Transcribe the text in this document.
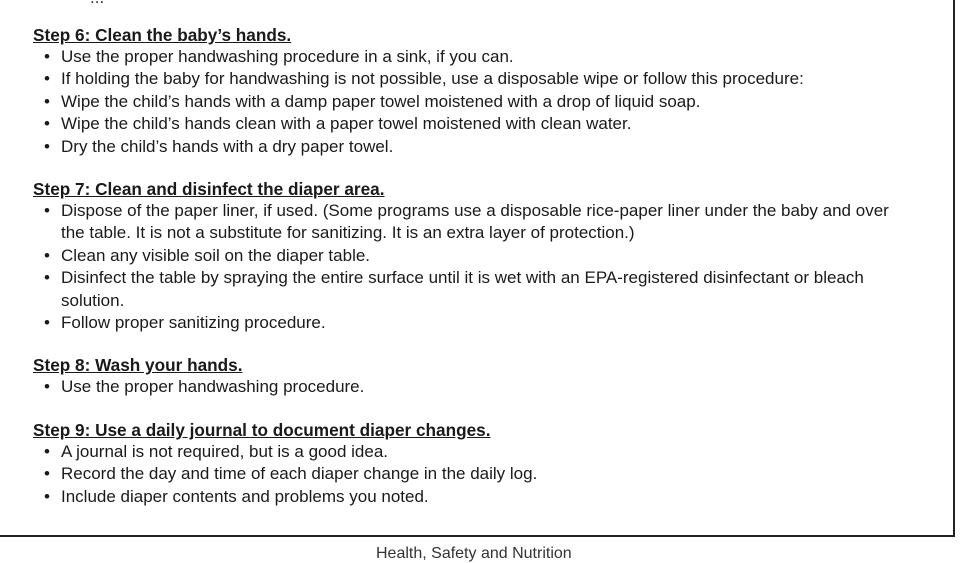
Step 6: Clean the baby’s hands.

• Use the proper handwashing procedure in a sink, if you can.
• If holding the baby for handwashing is not possible, use a disposable wipe or follow this procedure:
• Wipe the child’s hands with a damp paper towel moistened with a drop of liquid soap.
• Wipe the child’s hands clean with a paper towel moistened with clean water.
• Dry the child’s hands with a dry paper towel.

Step 7: Clean and disinfect the diaper area.

• Dispose of the paper liner, if used. (Some programs use a disposable rice-paper liner under the baby and over the table. It is not a substitute for sanitizing. It is an extra layer of protection.)
• Clean any visible soil on the diaper table.
• Disinfect the table by spraying the entire surface until it is wet with an EPA-registered disinfectant or bleach solution.
• Follow proper sanitizing procedure.

Step 8: Wash your hands.

• Use the proper handwashing procedure.

Step 9: Use a daily journal to document diaper changes.

• A journal is not required, but is a good idea.
• Record the day and time of each diaper change in the daily log.
• Include diaper contents and problems you noted.
Health, Safety and Nutrition
